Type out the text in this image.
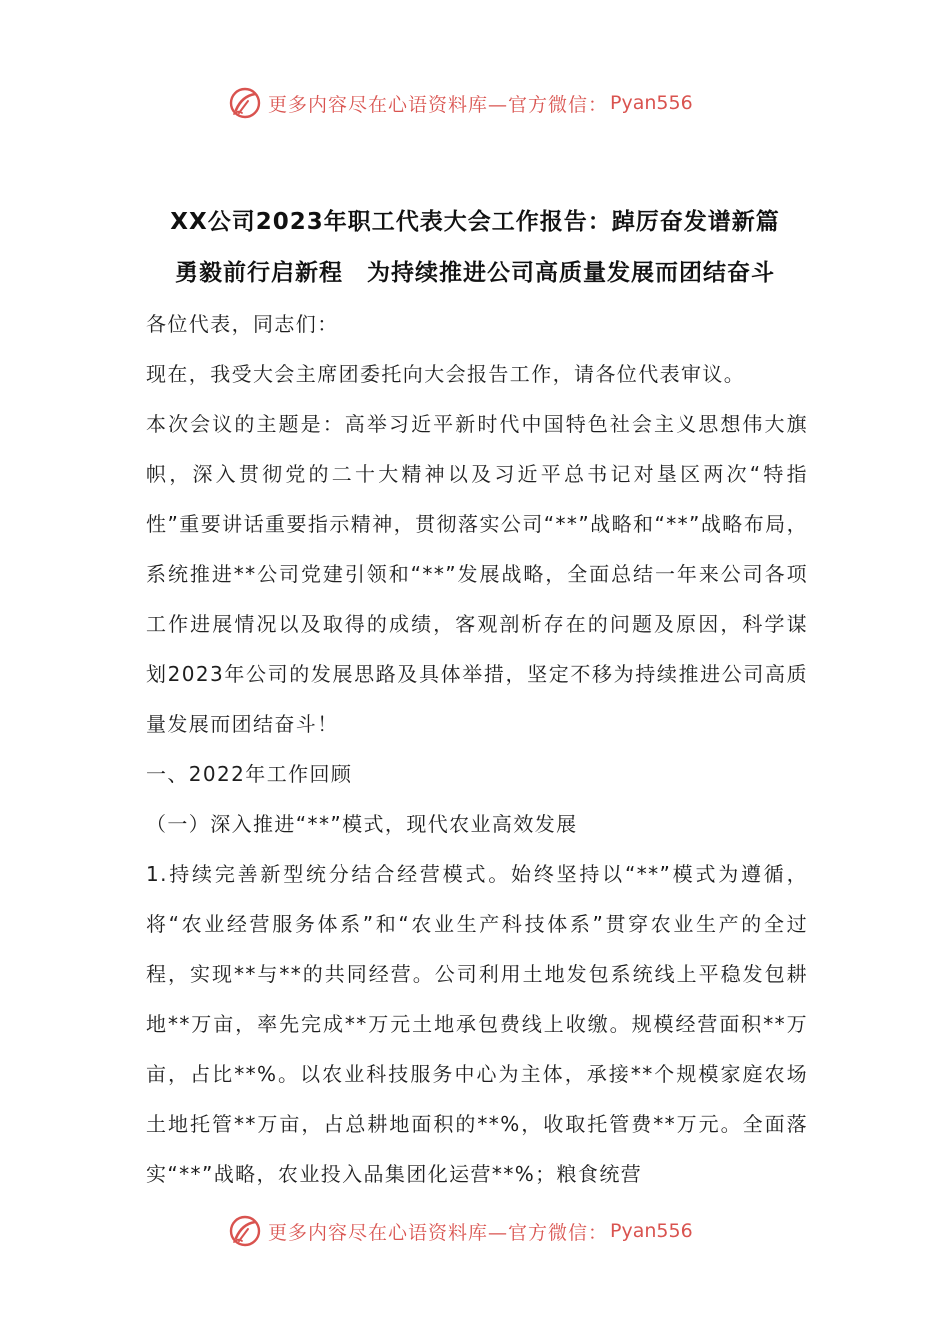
更多内容尽在心语资料库—官方微信： Pyan556
XX公司2023年职工代表大会工作报告：踔厉奋发谱新篇
勇毅前行启新程　为持续推进公司高质量发展而团结奋斗

各位代表，同志们：

现在，我受大会主席团委托向大会报告工作，请各位代表审议。

本次会议的主题是：高举习近平新时代中国特色社会主义思想伟大旗帜，深入贯彻党的二十大精神以及习近平总书记对垦区两次“特指性”重要讲话重要指示精神，贯彻落实公司“**”战略和“**”战略布局，系统推进**公司党建引领和“**”发展战略，全面总结一年来公司各项工作进展情况以及取得的成绩，客观剖析存在的问题及原因，科学谋划2023年公司的发展思路及具体举措，坚定不移为持续推进公司高质量发展而团结奋斗！

一、2022年工作回顾

（一）深入推进“**”模式，现代农业高效发展

1.持续完善新型统分结合经营模式。始终坚持以“**”模式为遵循，将“农业经营服务体系”和“农业生产科技体系”贯穿农业生产的全过程，实现**与**的共同经营。公司利用土地发包系统线上平稳发包耕地**万亩，率先完成**万元土地承包费线上收缴。规模经营面积**万亩，占比**%。以农业科技服务中心为主体，承接**个规模家庭农场土地托管**万亩，占总耕地面积的**%，收取托管费**万元。全面落实“**”战略，农业投入品集团化运营**%；粮食统营

更多内容尽在心语资料库—官方微信： Pyan556
